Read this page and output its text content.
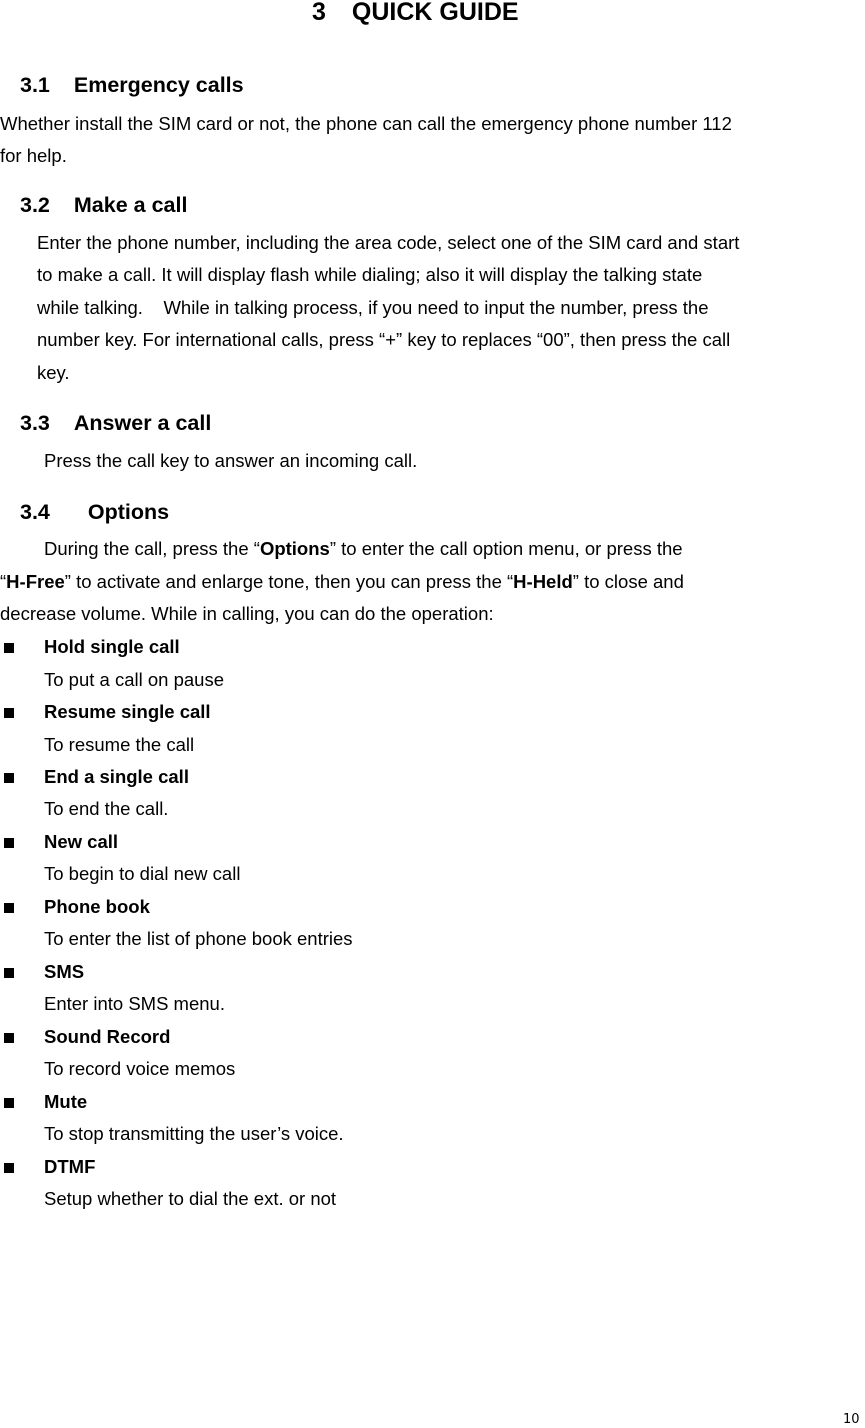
3 QUICK GUIDE
3.1 Emergency calls
Whether install the SIM card or not, the phone can call the emergency phone number 112
for help.
3.2 Make a call
Enter the phone number, including the area code, select one of the SIM card and start
to make a call. It will display flash while dialing; also it will display the talking state
while talking.    While in talking process, if you need to input the number, press the
number key. For international calls, press “+” key to replaces “00”, then press the call
key.
3.3 Answer a call
Press the call key to answer an incoming call.
3.4 Options
During the call, press the “Options” to enter the call option menu, or press the
“H-Free” to activate and enlarge tone, then you can press the “H-Held” to close and
decrease volume. While in calling, you can do the operation:
Hold single call
To put a call on pause
Resume single call
To resume the call
End a single call
To end the call.
New call
To begin to dial new call
Phone book
To enter the list of phone book entries
SMS
Enter into SMS menu.
Sound Record
To record voice memos
Mute
To stop transmitting the user’s voice.
DTMF
Setup whether to dial the ext. or not
10
